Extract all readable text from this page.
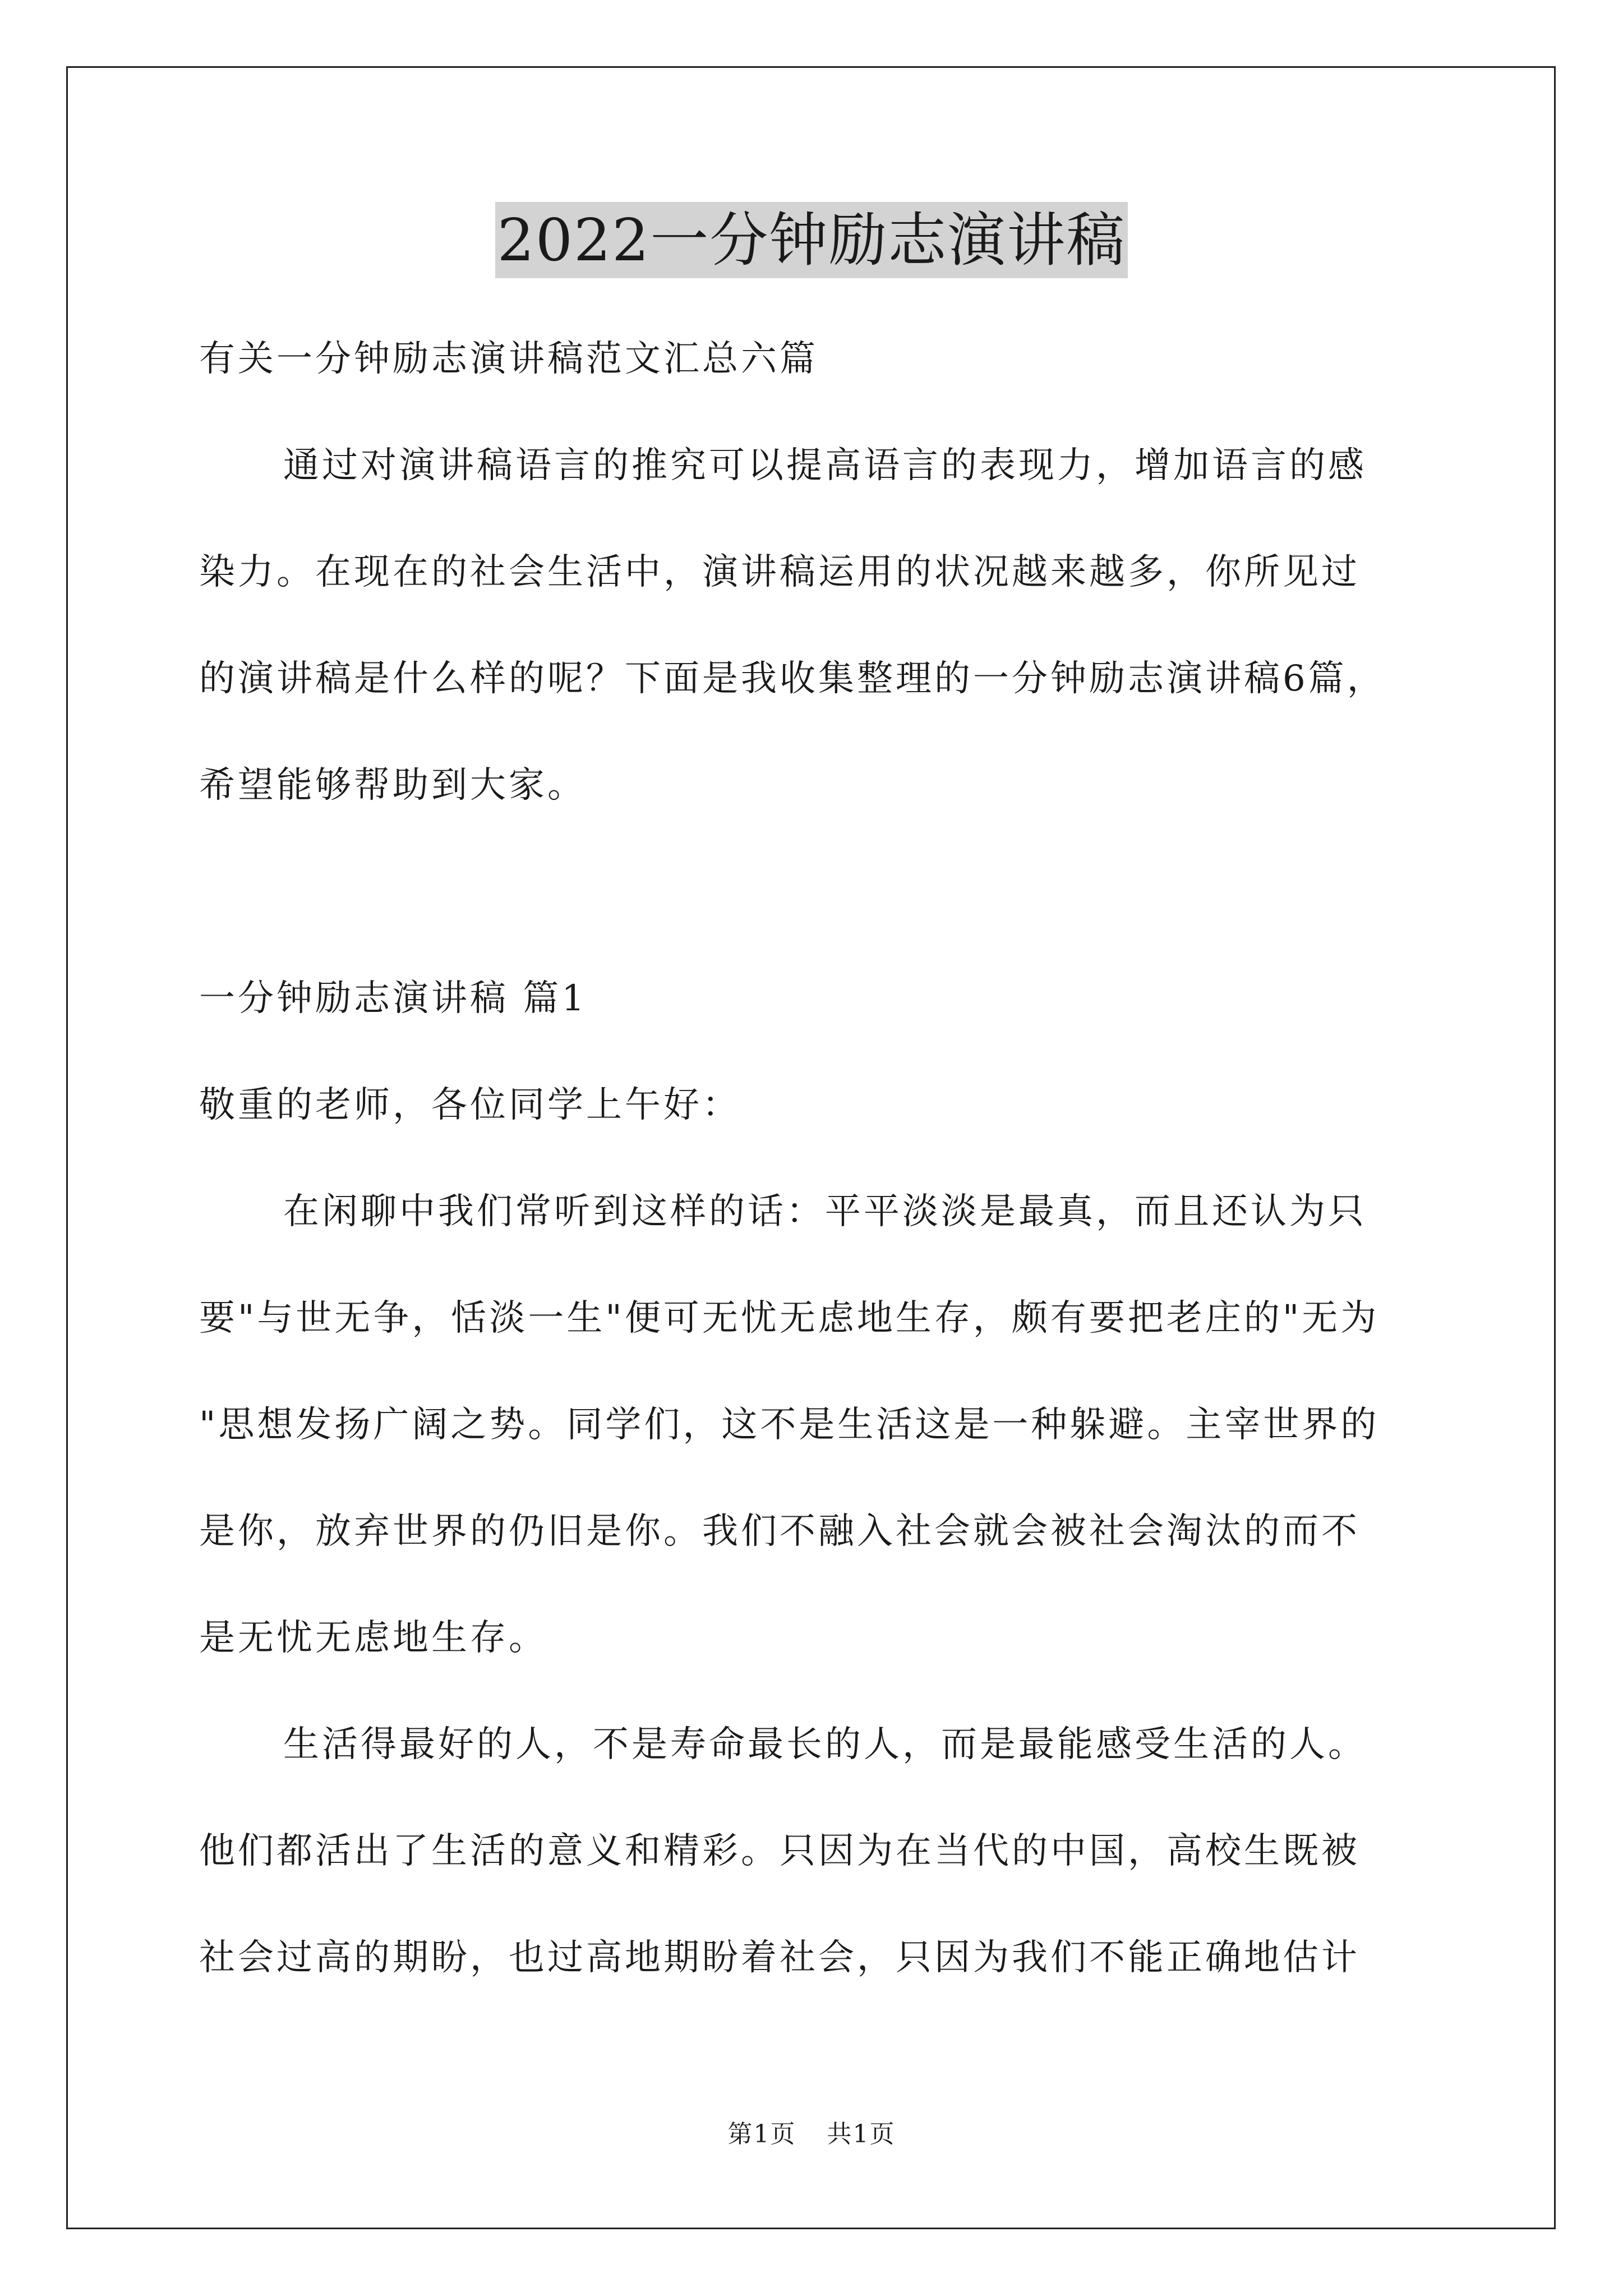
2022一分钟励志演讲稿
有关一分钟励志演讲稿范文汇总六篇
通过对演讲稿语言的推究可以提高语言的表现力，增加语言的感
染力。在现在的社会生活中，演讲稿运用的状况越来越多，你所见过
的演讲稿是什么样的呢？下面是我收集整理的一分钟励志演讲稿6篇，
希望能够帮助到大家。
一分钟励志演讲稿 篇1
敬重的老师，各位同学上午好：
在闲聊中我们常听到这样的话：平平淡淡是最真，而且还认为只
要"与世无争，恬淡一生"便可无忧无虑地生存，颇有要把老庄的"无为
"思想发扬广阔之势。同学们，这不是生活这是一种躲避。主宰世界的
是你，放弃世界的仍旧是你。我们不融入社会就会被社会淘汰的而不
是无忧无虑地生存。
生活得最好的人，不是寿命最长的人，而是最能感受生活的人。
他们都活出了生活的意义和精彩。只因为在当代的中国，高校生既被
社会过高的期盼，也过高地期盼着社会，只因为我们不能正确地估计
第1页 共1页
